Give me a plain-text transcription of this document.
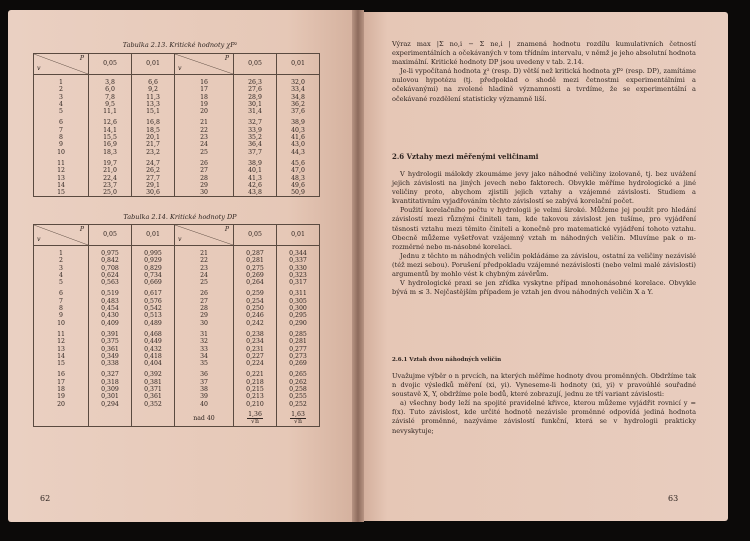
Tabulka 2.13. Kritické hodnoty χP²
P
v	0,05	0,01	P
v	0,05	0,01

1	3,8	6,6	16	26,3	32,0
2	6,0	9,2	17	27,6	33,4
3	7,8	11,3	18	28,9	34,8
4	9,5	13,3	19	30,1	36,2
5	11,1	15,1	20	31,4	37,6

6	12,6	16,8	21	32,7	38,9
7	14,1	18,5	22	33,9	40,3
8	15,5	20,1	23	35,2	41,6
9	16,9	21,7	24	36,4	43,0
10	18,3	23,2	25	37,7	44,3

11	19,7	24,7	26	38,9	45,6
12	21,0	26,2	27	40,1	47,0
13	22,4	27,7	28	41,3	48,3
14	23,7	29,1	29	42,6	49,6
15	25,0	30,6	30	43,8	50,9
Tabulka 2.14. Kritické hodnoty DP
P
v	0,05	0,01	P
v	0,05	0,01

1	0,975	0,995	21	0,287	0,344
2	0,842	0,929	22	0,281	0,337
3	0,708	0,829	23	0,275	0,330
4	0,624	0,734	24	0,269	0,323
5	0,563	0,669	25	0,264	0,317

6	0,519	0,617	26	0,259	0,311
7	0,483	0,576	27	0,254	0,305
8	0,454	0,542	28	0,250	0,300
9	0,430	0,513	29	0,246	0,295
10	0,409	0,489	30	0,242	0,290

11	0,391	0,468	31	0,238	0,285
12	0,375	0,449	32	0,234	0,281
13	0,361	0,432	33	0,231	0,277
14	0,349	0,418	34	0,227	0,273
15	0,338	0,404	35	0,224	0,269

16	0,327	0,392	36	0,221	0,265
17	0,318	0,381	37	0,218	0,262
18	0,309	0,371	38	0,215	0,258
19	0,301	0,361	39	0,213	0,255
20	0,294	0,352	40	0,210	0,252

			nad 40	$\frac{1,36}{√n}$	$\frac{1,63}{√n}$
62

Výraz max |Σ no,i − Σ ne,i | znamená hodnotu rozdílu kumulativních četností experimentálních a očekávaných v tom třídním intervalu, v němž je jeho absolutní hodnota maximální. Kritické hodnoty DP jsou uvedeny v tab. 2.14.

Je-li vypočítaná hodnota χ² (resp. D) větší než kritická hodnota χP² (resp. DP), zamítáme nulovou hypotézu (tj. předpoklad o shodě mezi četnostmi experimentálními a očekávanými) na zvolené hladině významnosti a tvrdíme, že se experimentální a očekávané rozdělení statisticky významně liší.

2.6 Vztahy mezi měřenými veličinami

V hydrologii málokdy zkoumáme jevy jako náhodné veličiny izolovaně, tj. bez uvážení jejich závislosti na jiných jevech nebo faktorech. Obvykle měříme hydrologické a jiné veličiny proto, abychom zjistili jejich vztahy a vzájemné závislosti. Studiem a kvantitativním vyjadřováním těchto závislostí se zabývá korelační počet.

Použití korelačního počtu v hydrologii je velmi široké. Můžeme jej použít pro hledání závislostí mezi různými činiteli tam, kde takovou závislost jen tušíme, pro vyjádření těsnosti vztahu mezi těmito činiteli a konečně pro matematické vyjádření tohoto vztahu. Obecně můžeme vyšetřovat vzájemný vztah m náhodných veličin. Mluvíme pak o m-rozměrné nebo m-násobné korelaci.

Jednu z těchto m náhodných veličin pokládáme za závislou, ostatní za veličiny nezávislé (též mezi sebou). Porušení předpokladu vzájemné nezávislosti (nebo velmi malé závislosti) argumentů by mohlo vést k chybným závěrům.

V hydrologické praxi se jen zřídka vyskytne případ mnohonásobné korelace. Obvykle bývá m ≤ 3. Nejčastějším případem je vztah jen dvou náhodných veličin X a Y.

2.6.1 Vztah dvou náhodných veličin

Uvažujme výběr o n prvcích, na kterých měříme hodnoty dvou proměnných. Obdržíme tak n dvojic výsledků měření (xi, yi). Vyneseme-li hodnoty (xi, yi) v pravoúhlé souřadné soustavě X, Y, obdržíme pole bodů, které zobrazují, jednu ze tří variant závislosti:

a) všechny body leží na spojité pravidelné křivce, kterou můžeme vyjádřit rovnicí y = f(x). Tuto závislost, kde určité hodnotě nezávisle proměnné odpovídá jediná hodnota závislé proměnné, nazýváme závislostí funkční, která se v hydrologii prakticky nevyskytuje;

63
